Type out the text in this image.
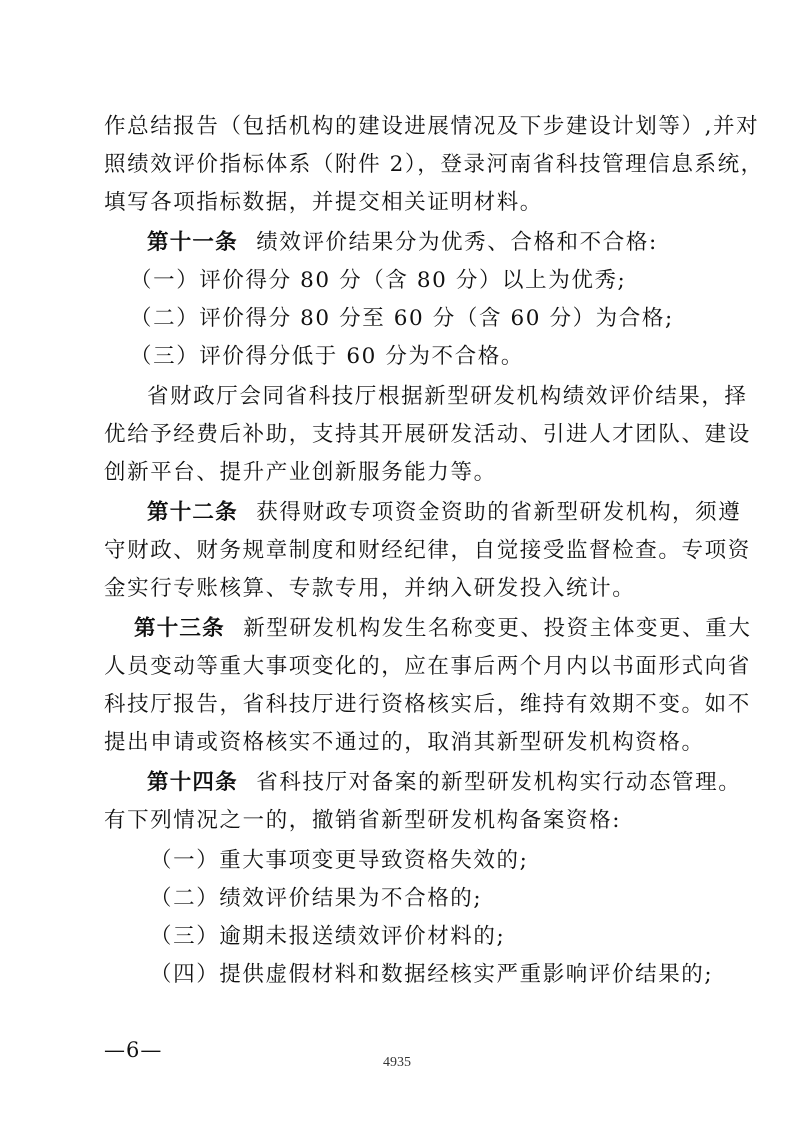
作总结报告（包括机构的建设进展情况及下步建设计划等）,并对
照绩效评价指标体系（附件 2），登录河南省科技管理信息系统，
填写各项指标数据，并提交相关证明材料。
第十一条 绩效评价结果分为优秀、合格和不合格:
（一）评价得分 80 分（含 80 分）以上为优秀;
（二）评价得分 80 分至 60 分（含 60 分）为合格;
（三）评价得分低于 60 分为不合格。
省财政厅会同省科技厅根据新型研发机构绩效评价结果，择
优给予经费后补助，支持其开展研发活动、引进人才团队、建设
创新平台、提升产业创新服务能力等。
第十二条 获得财政专项资金资助的省新型研发机构，须遵
守财政、财务规章制度和财经纪律，自觉接受监督检查。专项资
金实行专账核算、专款专用，并纳入研发投入统计。
第十三条 新型研发机构发生名称变更、投资主体变更、重大
人员变动等重大事项变化的，应在事后两个月内以书面形式向省
科技厅报告，省科技厅进行资格核实后，维持有效期不变。如不
提出申请或资格核实不通过的，取消其新型研发机构资格。
第十四条 省科技厅对备案的新型研发机构实行动态管理。
有下列情况之一的，撤销省新型研发机构备案资格:
（一）重大事项变更导致资格失效的;
（二）绩效评价结果为不合格的;
（三）逾期未报送绩效评价材料的;
（四）提供虚假材料和数据经核实严重影响评价结果的;
—6—
4935
